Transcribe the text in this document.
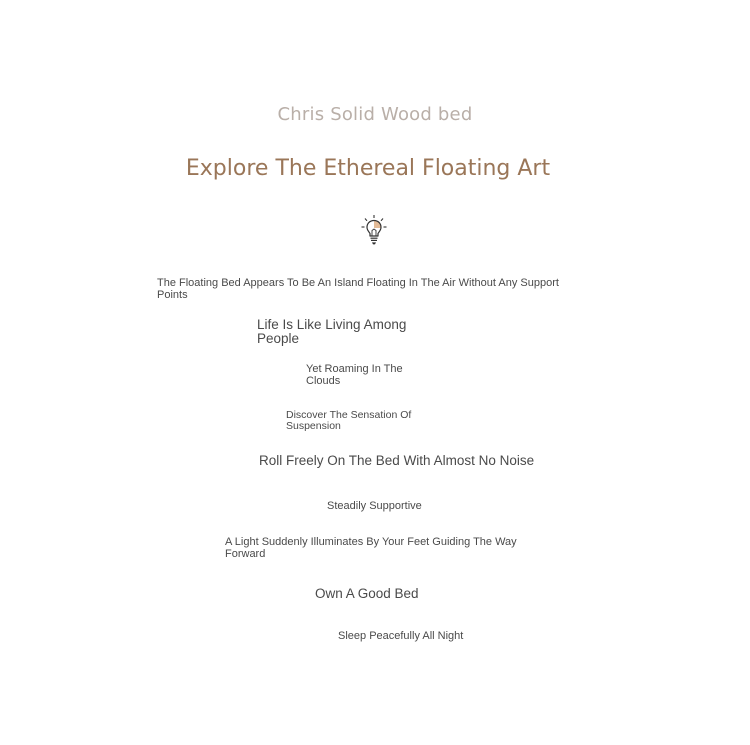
Chris Solid Wood bed
Explore The Ethereal Floating Art
The Floating Bed Appears To Be An Island Floating In The Air Without Any Support Points
Life Is Like Living Among People
Yet Roaming In The Clouds
Discover The Sensation Of Suspension
Roll Freely On The Bed With Almost No Noise
Steadily Supportive
A Light Suddenly Illuminates By Your Feet Guiding The Way Forward
Own A Good Bed
Sleep Peacefully All Night
